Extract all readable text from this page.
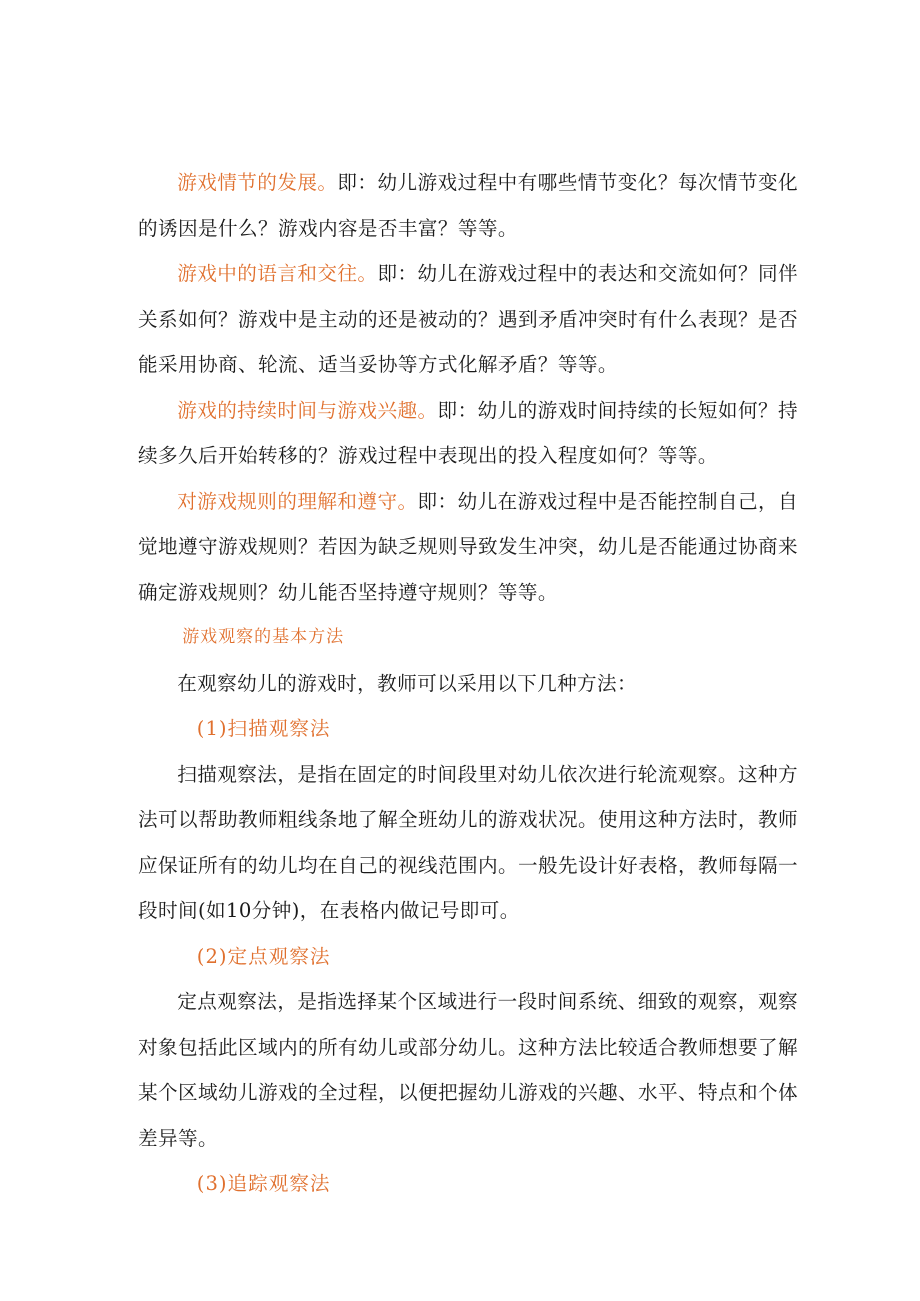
游戏情节的发展。即：幼儿游戏过程中有哪些情节变化？每次情节变化的诱因是什么？游戏内容是否丰富？等等。

游戏中的语言和交往。即：幼儿在游戏过程中的表达和交流如何？同伴关系如何？游戏中是主动的还是被动的？遇到矛盾冲突时有什么表现？是否能采用协商、轮流、适当妥协等方式化解矛盾？等等。

游戏的持续时间与游戏兴趣。即：幼儿的游戏时间持续的长短如何？持续多久后开始转移的？游戏过程中表现出的投入程度如何？等等。

对游戏规则的理解和遵守。即：幼儿在游戏过程中是否能控制自己，自觉地遵守游戏规则？若因为缺乏规则导致发生冲突，幼儿是否能通过协商来确定游戏规则？幼儿能否坚持遵守规则？等等。

游戏观察的基本方法

在观察幼儿的游戏时，教师可以采用以下几种方法：

(1)扫描观察法

扫描观察法，是指在固定的时间段里对幼儿依次进行轮流观察。这种方法可以帮助教师粗线条地了解全班幼儿的游戏状况。使用这种方法时，教师应保证所有的幼儿均在自己的视线范围内。一般先设计好表格，教师每隔一段时间(如10分钟)，在表格内做记号即可。

(2)定点观察法

定点观察法，是指选择某个区域进行一段时间系统、细致的观察，观察对象包括此区域内的所有幼儿或部分幼儿。这种方法比较适合教师想要了解某个区域幼儿游戏的全过程，以便把握幼儿游戏的兴趣、水平、特点和个体差异等。

(3)追踪观察法
